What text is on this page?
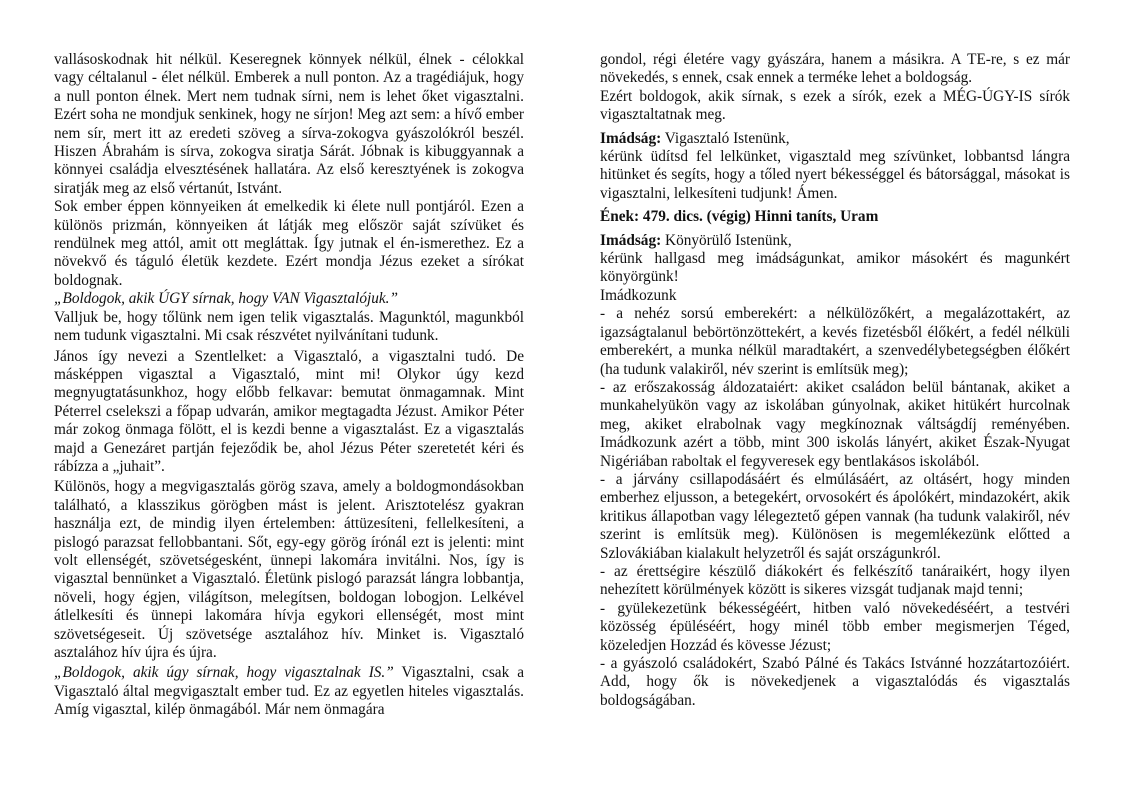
vallásoskodnak hit nélkül. Keseregnek könnyek nélkül, élnek - célokkal vagy céltalanul - élet nélkül. Emberek a null ponton. Az a tragédiájuk, hogy a null ponton élnek. Mert nem tudnak sírni, nem is lehet őket vigasztalni. Ezért soha ne mondjuk senkinek, hogy ne sírjon! Meg azt sem: a hívő ember nem sír, mert itt az eredeti szöveg a sírva-zokogva gyászolókról beszél. Hiszen Ábrahám is sírva, zokogva siratja Sárát. Jóbnak is kibuggyannak a könnyei családja elvesztésének hallatára. Az első keresztyének is zokogva siratják meg az első vértanút, Istvánt.

Sok ember éppen könnyeiken át emelkedik ki élete null pontjáról. Ezen a különös prizmán, könnyeiken át látják meg először saját szívüket és rendülnek meg attól, amit ott megláttak. Így jutnak el én-ismerethez. Ez a növekvő és táguló életük kezdete. Ezért mondja Jézus ezeket a sírókat boldognak.

„Boldogok, akik ÚGY sírnak, hogy VAN Vigasztalójuk.”

Valljuk be, hogy tőlünk nem igen telik vigasztalás. Magunktól, magunkból nem tudunk vigasztalni. Mi csak részvétet nyilvánítani tudunk.

János így nevezi a Szentlelket: a Vigasztaló, a vigasztalni tudó. De másképpen vigasztal a Vigasztaló, mint mi! Olykor úgy kezd megnyugtatásunkhoz, hogy előbb felkavar: bemutat önmagamnak. Mint Péterrel cselekszi a főpap udvarán, amikor megtagadta Jézust. Amikor Péter már zokog önmaga fölött, el is kezdi benne a vigasztalást. Ez a vigasztalás majd a Genezáret partján fejeződik be, ahol Jézus Péter szeretetét kéri és rábízza a „juhait”.

Különös, hogy a megvigasztalás görög szava, amely a boldogmondásokban található, a klasszikus görögben mást is jelent. Arisztotelész gyakran használja ezt, de mindig ilyen értelemben: áttüzesíteni, fellelkesíteni, a pislogó parazsat fellobbantani. Sőt, egy-egy görög írónál ezt is jelenti: mint volt ellenségét, szövetségesként, ünnepi lakomára invitálni. Nos, így is vigasztal bennünket a Vigasztaló. Életünk pislogó parazsát lángra lobbantja, növeli, hogy égjen, világítson, melegítsen, boldogan lobogjon. Lelkével átlelkesíti és ünnepi lakomára hívja egykori ellenségét, most mint szövetségeseit. Új szövetsége asztalához hív. Minket is. Vigasztaló asztalához hív újra és újra.

„Boldogok, akik úgy sírnak, hogy vigasztalnak IS.” Vigasztalni, csak a Vigasztaló által megvigasztalt ember tud. Ez az egyetlen hiteles vigasztalás. Amíg vigasztal, kilép önmagából. Már nem önmagára

gondol, régi életére vagy gyászára, hanem a másikra. A TE-re, s ez már növekedés, s ennek, csak ennek a terméke lehet a boldogság.

Ezért boldogok, akik sírnak, s ezek a sírók, ezek a MÉG-ÚGY-IS sírók vigasztaltatnak meg.

Imádság: Vigasztaló Istenünk,

kérünk üdítsd fel lelkünket, vigasztald meg szívünket, lobbantsd lángra hitünket és segíts, hogy a tőled nyert békességgel és bátorsággal, másokat is vigasztalni, lelkesíteni tudjunk! Ámen.

Ének: 479. dics. (végig) Hinni taníts, Uram

Imádság: Könyörülő Istenünk,

kérünk hallgasd meg imádságunkat, amikor másokért és magunkért könyörgünk!

Imádkozunk

- a nehéz sorsú emberekért: a nélkülözőkért, a megalázottakért, az igazságtalanul bebörtönzöttekért, a kevés fizetésből élőkért, a fedél nélküli emberekért, a munka nélkül maradtakért, a szenvedélybetegségben élőkért (ha tudunk valakiről, név szerint is említsük meg);

- az erőszakosság áldozataiért: akiket családon belül bántanak, akiket a munkahelyükön vagy az iskolában gúnyolnak, akiket hitükért hurcolnak meg, akiket elrabolnak vagy megkínoznak váltságdíj reményében. Imádkozunk azért a több, mint 300 iskolás lányért, akiket Észak-Nyugat Nigériában raboltak el fegyveresek egy bentlakásos iskolából.

- a járvány csillapodásáért és elmúlásáért, az oltásért, hogy minden emberhez eljusson, a betegekért, orvosokért és ápolókért, mindazokért, akik kritikus állapotban vagy lélegeztető gépen vannak (ha tudunk valakiről, név szerint is említsük meg). Különösen is megemlékezünk előtted a Szlovákiában kialakult helyzetről és saját országunkról.

- az érettségire készülő diákokért és felkészítő tanáraikért, hogy ilyen nehezített körülmények között is sikeres vizsgát tudjanak majd tenni;

- gyülekezetünk békességéért, hitben való növekedéséért, a testvéri közösség épüléséért, hogy minél több ember megismerjen Téged, közeledjen Hozzád és kövesse Jézust;

- a gyászoló családokért, Szabó Pálné és Takács Istvánné hozzátartozóiért. Add, hogy ők is növekedjenek a vigasztalódás és vigasztalás boldogságában.
